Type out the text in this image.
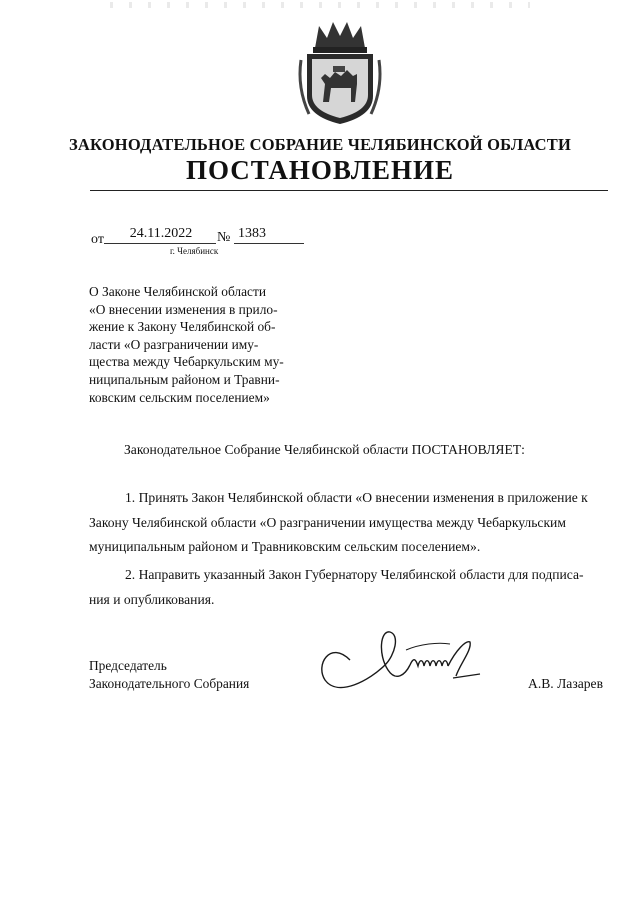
ЗАКОНОДАТЕЛЬНОЕ СОБРАНИЕ ЧЕЛЯБИНСКОЙ ОБЛАСТИ
ПОСТАНОВЛЕНИЕ
от	24.11.2022	№ 1383
г. Челябинск
О Законе Челябинской области
«О внесении изменения в прило-
жение к Закону Челябинской об-
ласти «О разграничении иму-
щества между Чебаркульским му-
ниципальным районом и Травни-
ковским сельским поселением»
Законодательное Собрание Челябинской области ПОСТАНОВЛЯЕТ:
1. Принять Закон Челябинской области «О внесении изменения в приложение к
Закону Челябинской области «О разграничении имущества между Чебаркульским
муниципальным районом и Травниковским сельским поселением».
2. Направить указанный Закон Губернатору Челябинской области для подписа-
ния и опубликования.
Председатель
Законодательного Собрания	А.В. Лазарев
